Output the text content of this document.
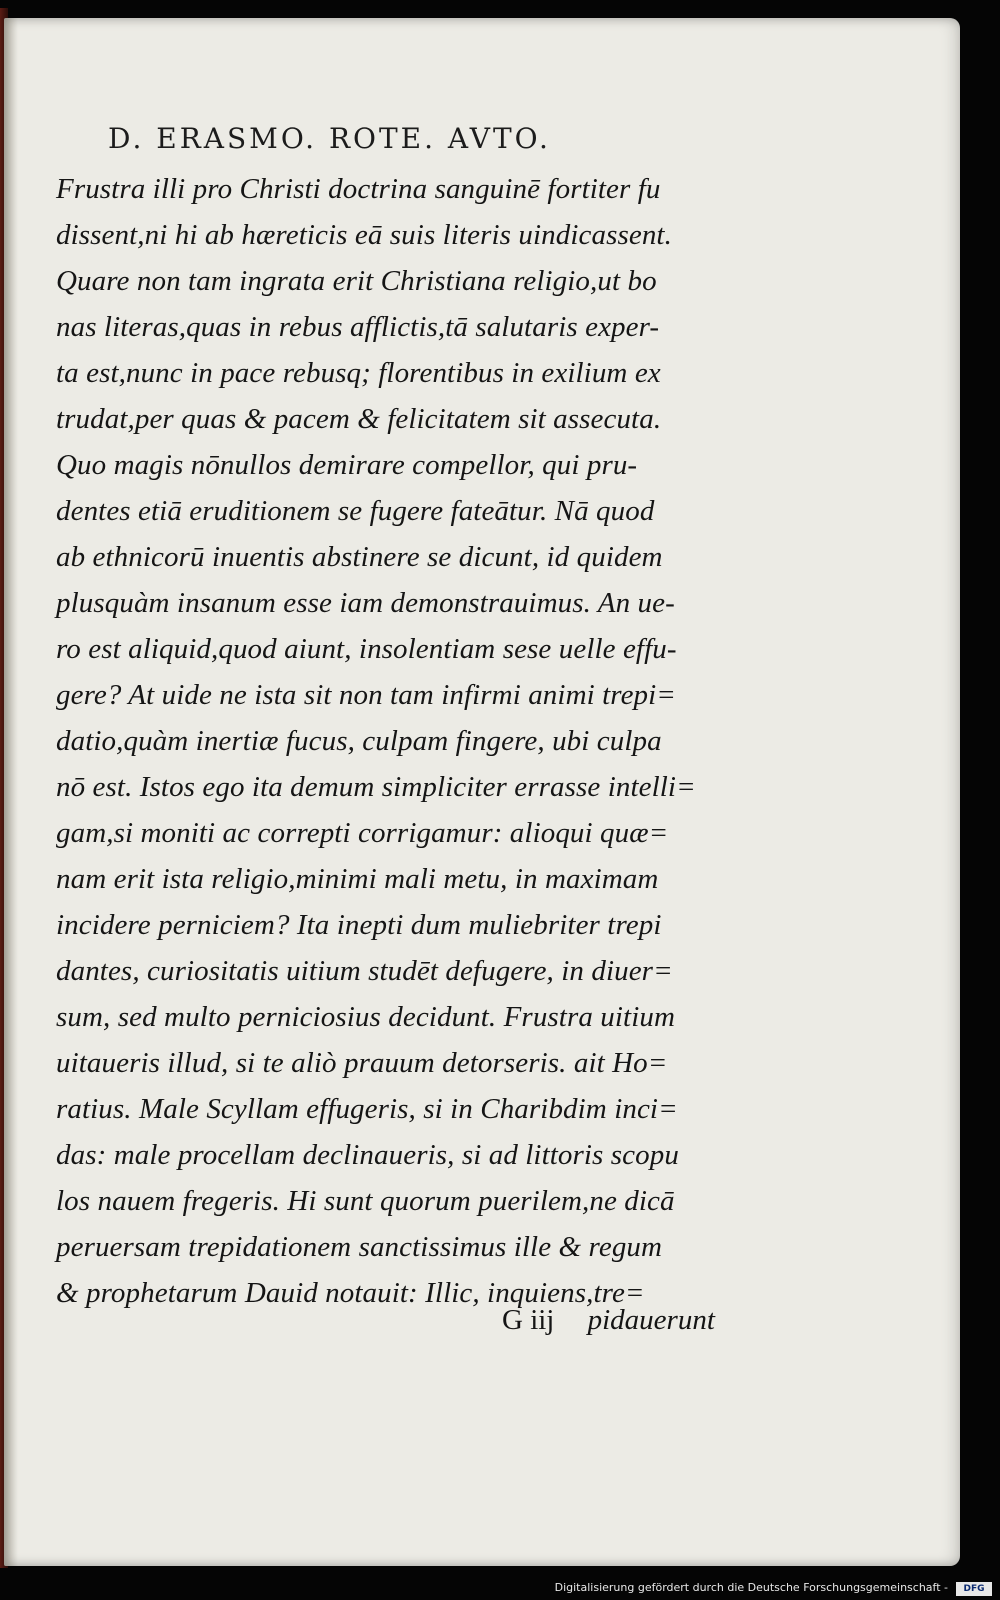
D. ERASMO. ROTE. AVTO.
Frustra illi pro Christi doctrina sanguinē fortiter fu
dissent,ni hi ab hæreticis eā suis literis uindicassent.
Quare non tam ingrata erit Christiana religio,ut bo
nas literas,quas in rebus afflictis,tā salutaris exper-
ta est,nunc in pace rebusq; florentibus in exilium ex
trudat,per quas & pacem & felicitatem sit assecuta.
Quo magis nōnullos demirare compellor, qui pru-
dentes etiā eruditionem se fugere fateātur. Nā quod
ab ethnicorū inuentis abstinere se dicunt, id quidem
plusquàm insanum esse iam demonstrauimus. An ue-
ro est aliquid,quod aiunt, insolentiam sese uelle effu-
gere? At uide ne ista sit non tam infirmi animi trepi=
datio,quàm inertiæ fucus, culpam fingere, ubi culpa
nō est. Istos ego ita demum simpliciter errasse intelli=
gam,si moniti ac correpti corrigamur: alioqui quæ=
nam erit ista religio,minimi mali metu, in maximam
incidere perniciem? Ita inepti dum muliebriter trepi
dantes, curiositatis uitium studēt defugere, in diuer=
sum, sed multo perniciosius decidunt. Frustra uitium
uitaueris illud, si te aliò prauum detorseris. ait Ho=
ratius. Male Scyllam effugeris, si in Charibdim inci=
das: male procellam declinaueris, si ad littoris scopu
los nauem fregeris. Hi sunt quorum puerilem,ne dicā
peruersam trepidationem sanctissimus ille & regum
& prophetarum Dauid notauit: Illic, inquiens,tre=
G iij pidauerunt
Digitalisierung gefördert durch die Deutsche Forschungsgemeinschaft -	DFG
